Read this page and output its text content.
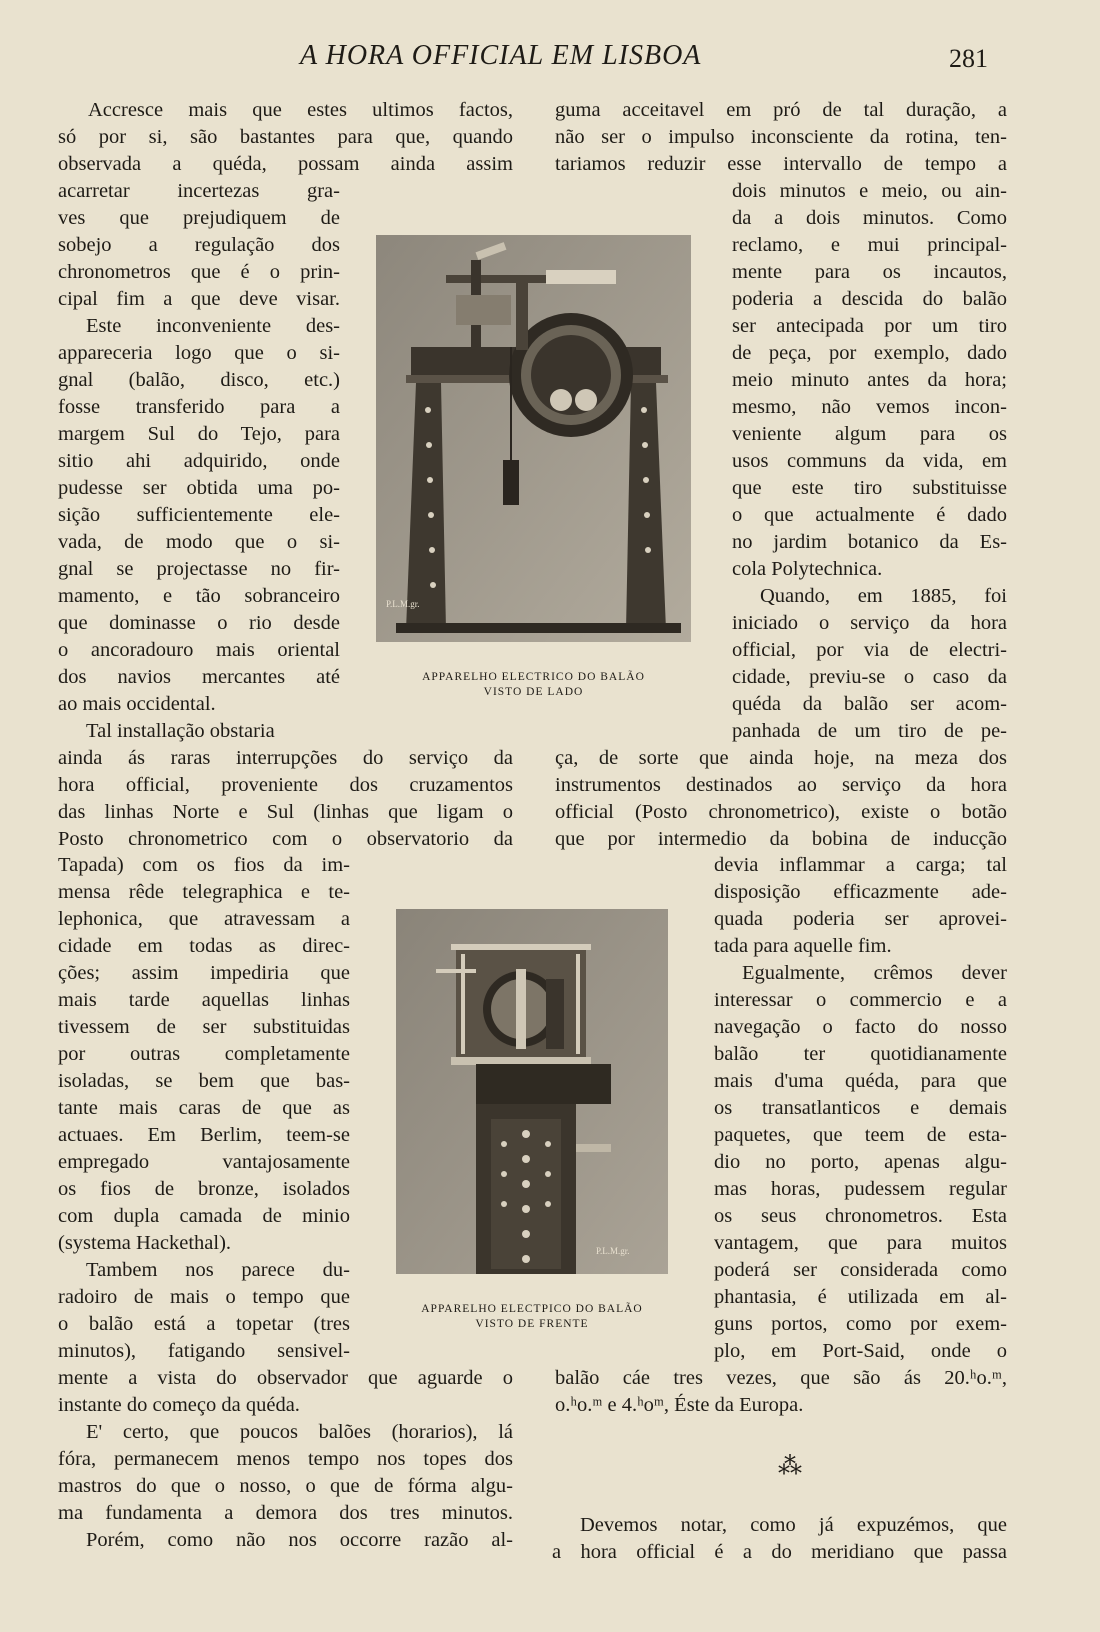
A HORA OFFICIAL EM LISBOA	281
Accresce mais que estes ultimos factos,
só por si, são bastantes para que, quando
observada a quéda, possam ainda assim
acarretar incertezas gra-
ves que prejudiquem de
sobejo a regulação dos
chronometros que é o prin-
cipal fim a que deve visar.
Este inconveniente des-
appareceria logo que o si-
gnal (balão, disco, etc.)
fosse transferido para a
margem Sul do Tejo, para
sitio ahi adquirido, onde
pudesse ser obtida uma po-
sição sufficientemente ele-
vada, de modo que o si-
gnal se projectasse no fir-
mamento, e tão sobranceiro
que dominasse o rio desde
o ancoradouro mais oriental
dos navios mercantes até
ao mais occidental.
Tal installação obstaria
ainda ás raras interrupções do serviço da
hora official, proveniente dos cruzamentos
das linhas Norte e Sul (linhas que ligam o
Posto chronometrico com o observatorio da
Tapada) com os fios da im-
mensa rêde telegraphica e te-
lephonica, que atravessam a
cidade em todas as direc-
ções; assim impediria que
mais tarde aquellas linhas
tivessem de ser substituidas
por outras completamente
isoladas, se bem que bas-
tante mais caras de que as
actuaes. Em Berlim, teem-se
empregado vantajosamente
os fios de bronze, isolados
com dupla camada de minio
(systema Hackethal).
Tambem nos parece du-
radoiro de mais o tempo que
o balão está a topetar (tres
minutos), fatigando sensivel-
mente a vista do observador que aguarde o
instante do começo da quéda.
E' certo, que poucos balões (horarios), lá
fóra, permanecem menos tempo nos topes dos
mastros do que o nosso, o que de fórma algu-
ma fundamenta a demora dos tres minutos.
Porém, como não nos occorre razão al-
guma acceitavel em pró de tal duração, a
não ser o impulso inconsciente da rotina, ten-
tariamos reduzir esse intervallo de tempo a
dois minutos e meio, ou ain-
da a dois minutos. Como
reclamo, e mui principal-
mente para os incautos,
poderia a descida do balão
ser antecipada por um tiro
de peça, por exemplo, dado
meio minuto antes da hora;
mesmo, não vemos incon-
veniente algum para os
usos communs da vida, em
que este tiro substituisse
o que actualmente é dado
no jardim botanico da Es-
cola Polytechnica.
Quando, em 1885, foi
iniciado o serviço da hora
official, por via de electri-
cidade, previu-se o caso da
quéda da balão ser acom-
panhada de um tiro de pe-
ça, de sorte que ainda hoje, na meza dos
instrumentos destinados ao serviço da hora
official (Posto chronometrico), existe o botão
que por intermedio da bobina de inducção
devia inflammar a carga; tal
disposição efficazmente ade-
quada poderia ser aprovei-
tada para aquelle fim.
Egualmente, crêmos dever
interessar o commercio e a
navegação o facto do nosso
balão ter quotidianamente
mais d'uma quéda, para que
os transatlanticos e demais
paquetes, que teem de esta-
dio no porto, apenas algu-
mas horas, pudessem regular
os seus chronometros. Esta
vantagem, que para muitos
poderá ser considerada como
phantasia, é utilizada em al-
guns portos, como por exem-
plo, em Port-Said, onde o
balão cáe tres vezes, que são ás 20.ʰo.ᵐ,
o.ʰo.ᵐ e 4.ʰoᵐ, Éste da Europa.
Devemos notar, como já expuzémos, que
a hora official é a do meridiano que passa
P.L.M.gr.
APPARELHO ELECTRICO DO BALÃO
VISTO DE LADO
P.L.M.gr.
APPARELHO ELECTPICO DO BALÃO
VISTO DE FRENTE
⁂
